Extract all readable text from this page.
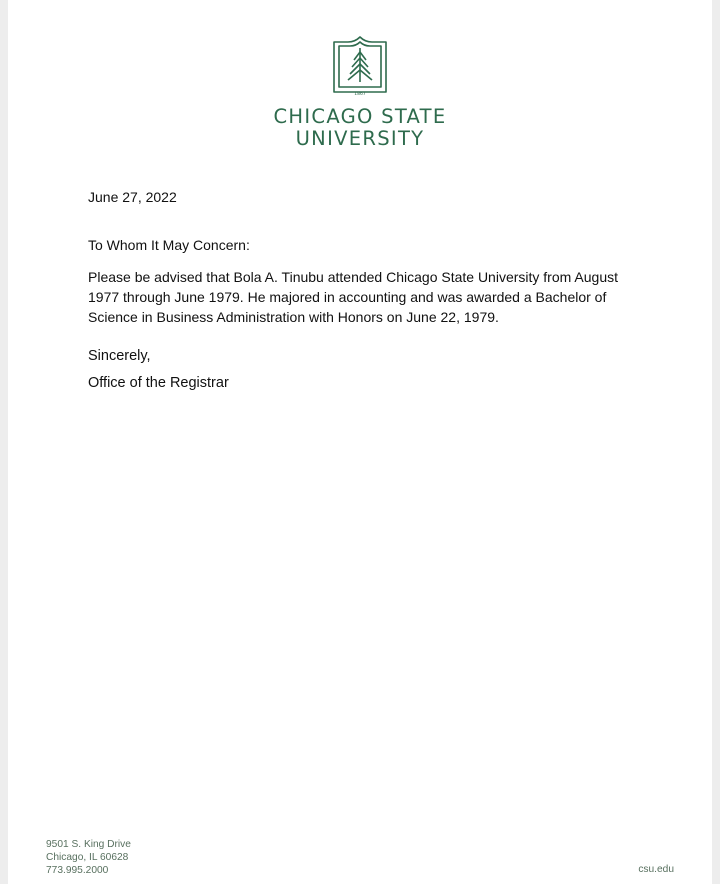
1867
CHICAGO STATE
UNIVERSITY
June 27, 2022
To Whom It May Concern:
Please be advised that Bola A. Tinubu attended Chicago State University from August 1977 through June 1979. He majored in accounting and was awarded a Bachelor of Science in Business Administration with Honors on June 22, 1979.
Sincerely,
Office of the Registrar
9501 S. King Drive
Chicago, IL 60628
773.995.2000	csu.edu
